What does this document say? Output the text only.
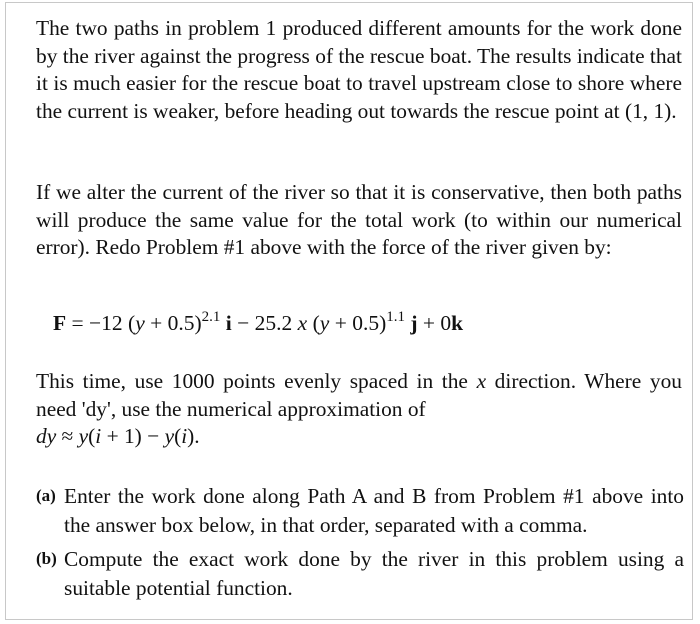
The two paths in problem 1 produced different amounts for the work done by the river against the progress of the rescue boat. The results indicate that it is much easier for the rescue boat to travel upstream close to shore where the current is weaker, before heading out towards the rescue point at (1, 1).

If we alter the current of the river so that it is conservative, then both paths will produce the same value for the total work (to within our numerical error). Redo Problem #1 above with the force of the river given by:

F = −12 $(y + 0.5)^{2.1}$ i − 25.2 x $(y + 0.5)^{1.1}$ j + 0k

This time, use 1000 points evenly spaced in the x direction. Where you need 'dy', use the numerical approximation of

dy ≈ y(i + 1) − y(i).
(a) Enter the work done along Path A and B from Problem #1 above into the answer box below, in that order, separated with a comma.
(b) Compute the exact work done by the river in this problem using a suitable potential function.
